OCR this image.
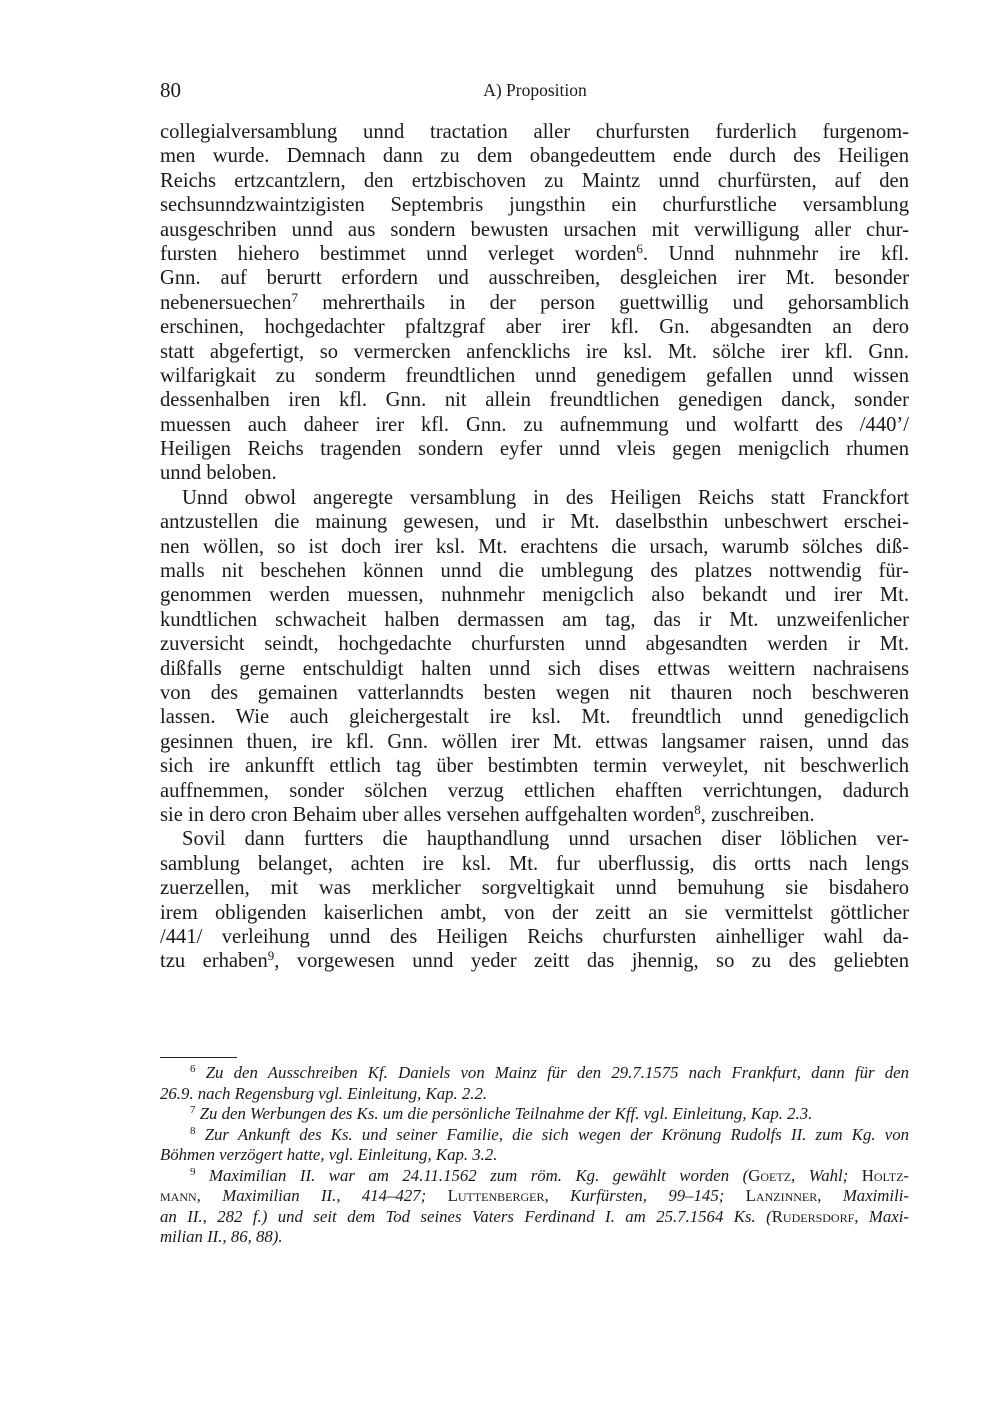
80	A) Proposition
collegialversamblung unnd tractation aller churfursten furderlich furgenom-
men wurde. Demnach dann zu dem obangedeuttem ende durch des Heiligen
Reichs ertzcantzlern, den ertzbischoven zu Maintz unnd churfürsten, auf den
sechsunndzwaintzigisten Septembris jungsthin ein churfurstliche versamblung
ausgeschriben unnd aus sondern bewusten ursachen mit verwilligung aller chur-
fursten hiehero bestimmet unnd verleget worden$^6$. Unnd nuhnmehr ire kfl.
Gnn. auf berurtt erfordern und ausschreiben, desgleichen irer Mt. besonder
nebenersuechen$^7$ mehrerthails in der person guettwillig und gehorsamblich
erschinen, hochgedachter pfaltzgraf aber irer kfl. Gn. abgesandten an dero
statt abgefertigt, so vermercken anfencklichs ire ksl. Mt. sölche irer kfl. Gnn.
wilfarigkait zu sonderm freundtlichen unnd genedigem gefallen unnd wissen
dessenhalben iren kfl. Gnn. nit allein freundtlichen genedigen danck, sonder
muessen auch daheer irer kfl. Gnn. zu aufnemmung und wolfartt des /440’/
Heiligen Reichs tragenden sondern eyfer unnd vleis gegen menigclich rhumen
unnd beloben.
Unnd obwol angeregte versamblung in des Heiligen Reichs statt Franckfort
antzustellen die mainung gewesen, und ir Mt. daselbsthin unbeschwert erschei-
nen wöllen, so ist doch irer ksl. Mt. erachtens die ursach, warumb sölches diß-
malls nit beschehen können unnd die umblegung des platzes nottwendig für-
genommen werden muessen, nuhnmehr menigclich also bekandt und irer Mt.
kundtlichen schwacheit halben dermassen am tag, das ir Mt. unzweifenlicher
zuversicht seindt, hochgedachte churfursten unnd abgesandten werden ir Mt.
dißfalls gerne entschuldigt halten unnd sich dises ettwas weittern nachraisens
von des gemainen vatterlanndts besten wegen nit thauren noch beschweren
lassen. Wie auch gleichergestalt ire ksl. Mt. freundtlich unnd genedigclich
gesinnen thuen, ire kfl. Gnn. wöllen irer Mt. ettwas langsamer raisen, unnd das
sich ire ankunfft ettlich tag über bestimbten termin verweylet, nit beschwerlich
auffnemmen, sonder sölchen verzug ettlichen ehafften verrichtungen, dadurch
sie in dero cron Behaim uber alles versehen auffgehalten worden$^8$, zuschreiben.
Sovil dann furtters die haupthandlung unnd ursachen diser löblichen ver-
samblung belanget, achten ire ksl. Mt. fur uberflussig, dis ortts nach lengs
zuerzellen, mit was merklicher sorgveltigkait unnd bemuhung sie bisdahero
irem obligenden kaiserlichen ambt, von der zeitt an sie vermittelst göttlicher
/441/ verleihung unnd des Heiligen Reichs churfursten ainhelliger wahl da-
tzu erhaben$^9$, vorgewesen unnd yeder zeitt das jhennig, so zu des geliebten
$^6$ Zu den Ausschreiben Kf. Daniels von Mainz für den 29.7.1575 nach Frankfurt, dann für den
26.9. nach Regensburg vgl. Einleitung, Kap. 2.2.
$^7$ Zu den Werbungen des Ks. um die persönliche Teilnahme der Kff. vgl. Einleitung, Kap. 2.3.
$^8$ Zur Ankunft des Ks. und seiner Familie, die sich wegen der Krönung Rudolfs II. zum Kg. von
Böhmen verzögert hatte, vgl. Einleitung, Kap. 3.2.
$^9$ Maximilian II. war am 24.11.1562 zum röm. Kg. gewählt worden (Goetz, Wahl; Holtz-
mann, Maximilian II., 414–427; Luttenberger, Kurfürsten, 99–145; Lanzinner, Maximili-
an II., 282 f.) und seit dem Tod seines Vaters Ferdinand I. am 25.7.1564 Ks. (Rudersdorf, Maxi-
milian II., 86, 88).
